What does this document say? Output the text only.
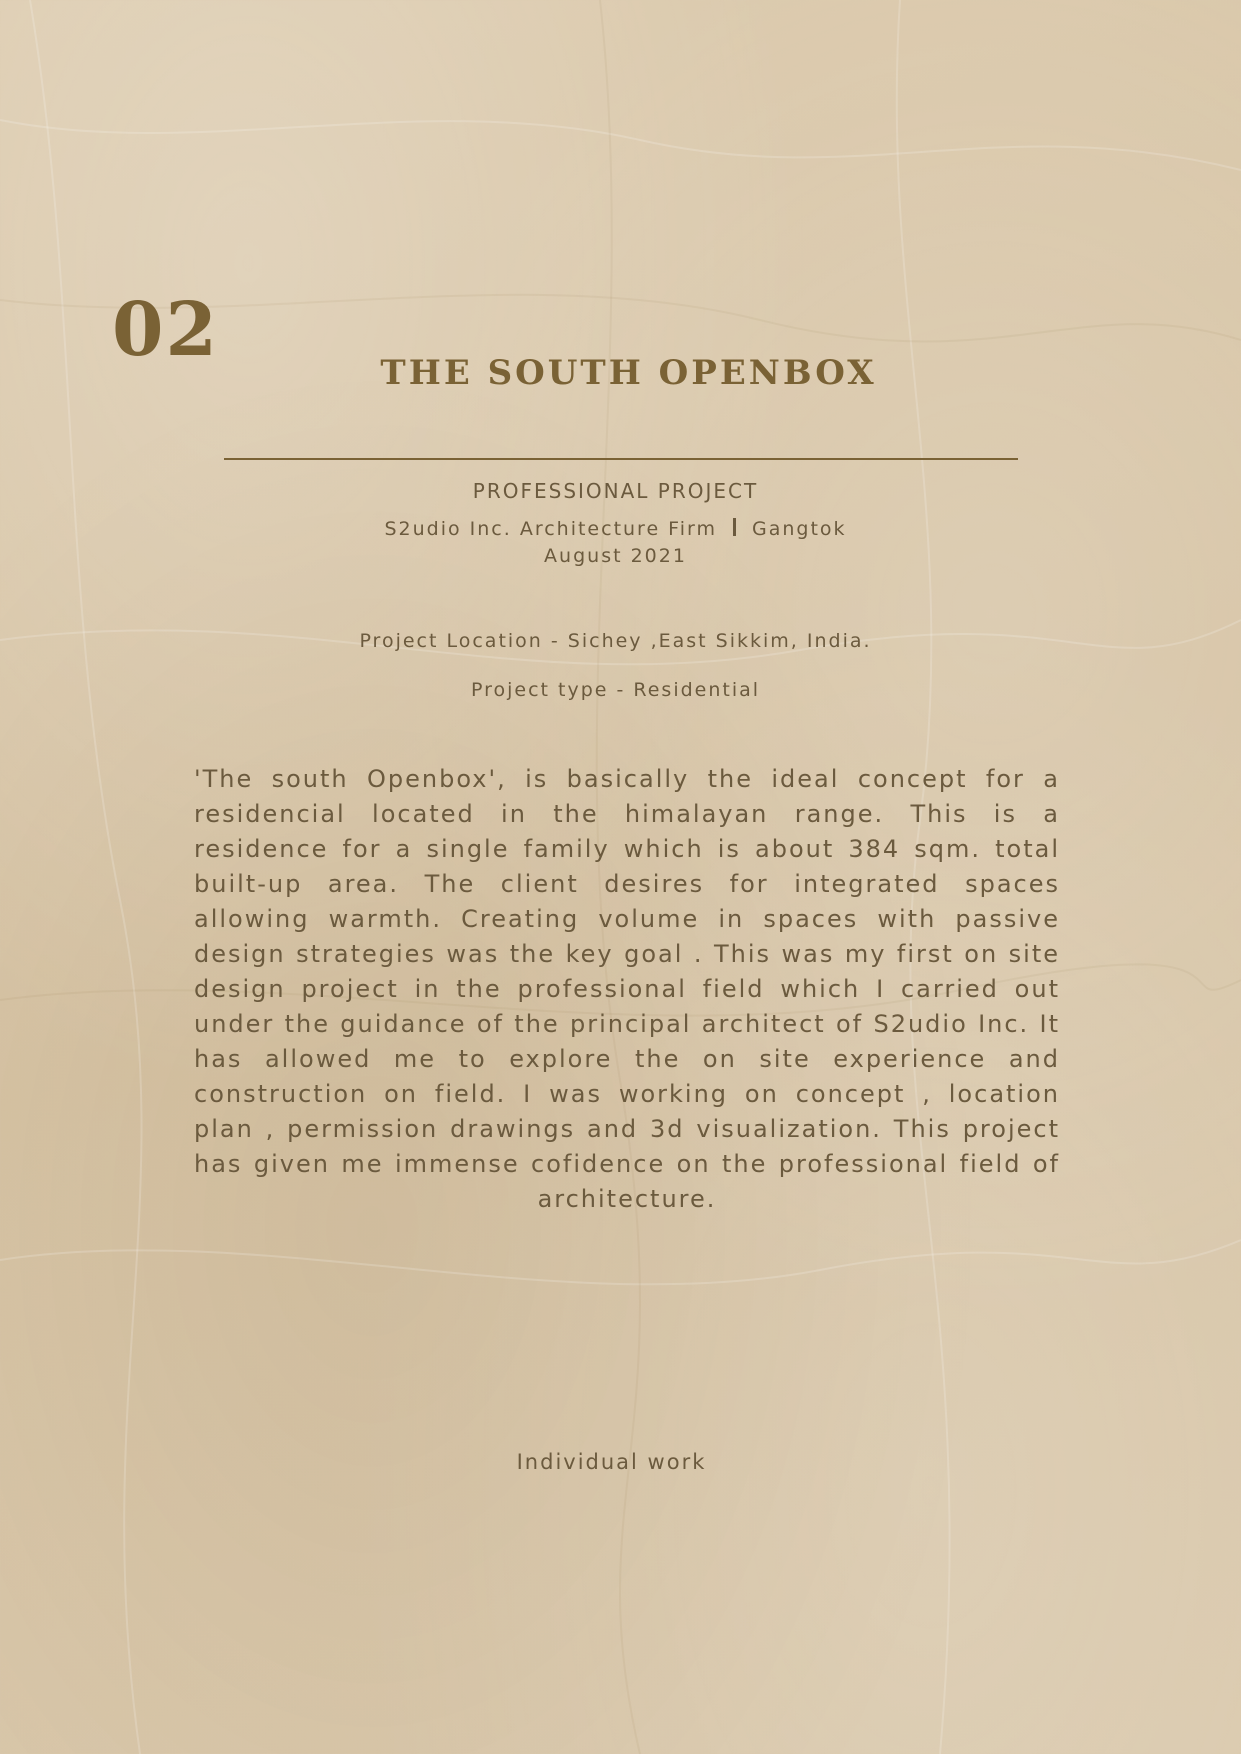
02	THE SOUTH OPENBOX
PROFESSIONAL PROJECT
S2udio Inc. Architecture Firm Gangtok
August 2021
Project Location - Sichey ,East Sikkim, India.
Project type - Residential

'The south Openbox', is basically the ideal concept for a residencial located in the himalayan range. This is a residence for a single family which is about 384 sqm. total built-up area. The client desires for integrated spaces allowing warmth. Creating volume in spaces with passive design strategies was the key goal . This was my first on site design project in the professional field which I carried out under the guidance of the principal architect of S2udio Inc. It has allowed me to explore the on site experience and construction on field. I was working on concept , location plan , permission drawings and 3d visualization. This project has given me immense cofidence on the professional field of architecture.

Individual work
